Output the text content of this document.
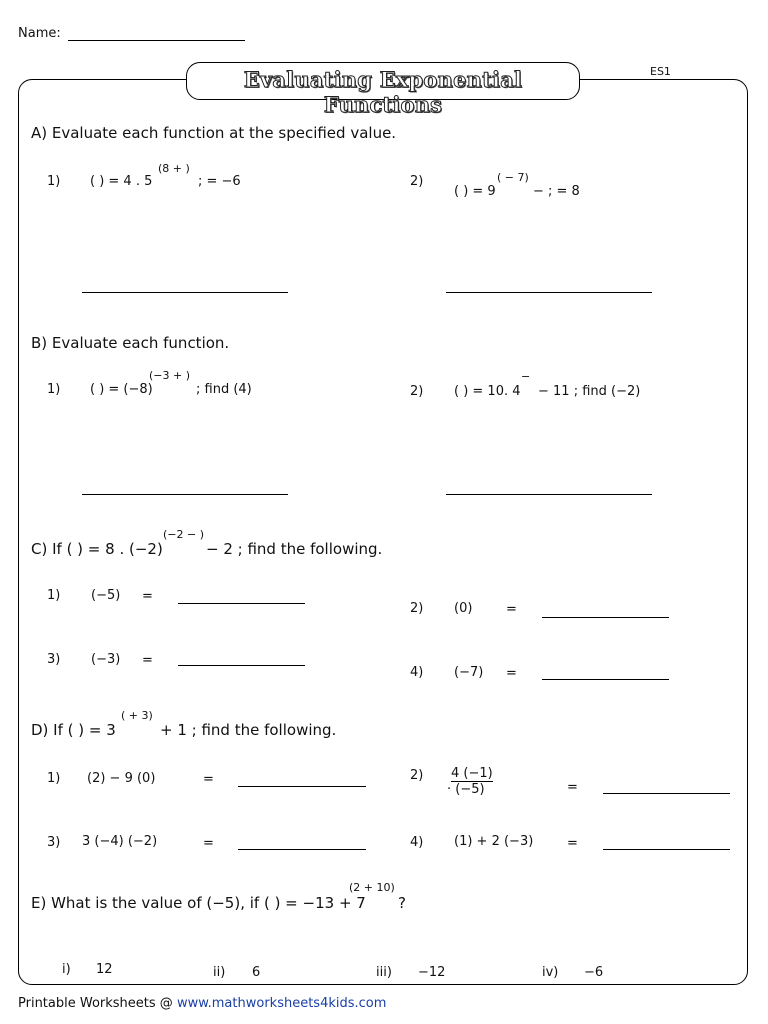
Name:
ES1
Evaluating Exponential Functions
A) Evaluate each function at the specified value.
1) ( ) = 4 . 5
(8 + )
; = −6	2)
( ) = 9
( − 7)
− ; = 8
B) Evaluate each function.
1) ( ) = (−8)
(−3 + )
; find (4)	2) ( ) = 10. 4
−
− 11 ; find (−2)
C) If ( ) = 8 . (−2)
(−2 − )
− 2 ; find the following.
1) (−5) =
2) (0)	=
3) (−3) =
4) (−7) =
D) If ( ) = 3
( + 3)
+ 1 ; find the following.
1) (2) − 9 (0)	=	2) 4 (−1)
· (−5)	=
3) 3 (−4) (−2)	=	4) (1) + 2 (−3)	=
E) What is the value of (−5), if ( ) = −13 + 7
(2 + 10)
?
i) 12	ii) 6	iii) −12	iv) −6
Printable Worksheets @ www.mathworksheets4kids.com
